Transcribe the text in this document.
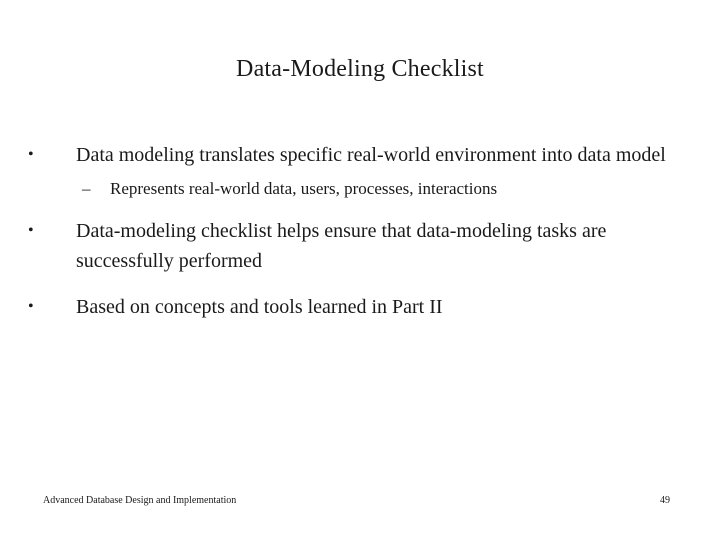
Data-Modeling Checklist
•	Data modeling translates specific real-world environment into data model
– Represents real-world data, users, processes, interactions
•	Data-modeling checklist helps ensure that data-modeling tasks are successfully performed
•	Based on concepts and tools learned in Part II
Advanced Database Design and Implementation	49
